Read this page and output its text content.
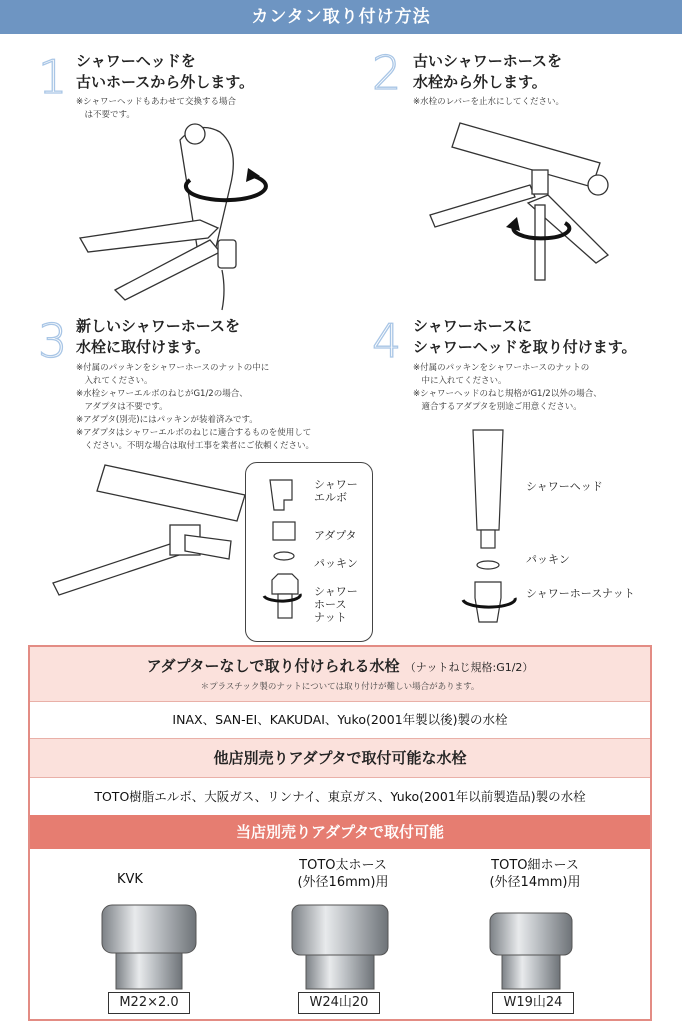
カンタン取り付け方法
1 シャワーヘッドを
古いホースから外します。
※シャワーヘッドもあわせて交換する場合
　は不要です。
2 古いシャワーホースを
水栓から外します。
※水栓のレバーを止水にしてください。
3 新しいシャワーホースを
水栓に取付けます。
※付属のパッキンをシャワーホースのナットの中に
　入れてください。
※水栓シャワーエルボのねじがG1/2の場合、
　アダプタは不要です。
※アダプタ(別売)にはパッキンが装着済みです。
※アダプタはシャワーエルボのねじに適合するものを使用して
　ください。不明な場合は取付工事を業者にご依頼ください。
シャワー
エルボ
アダプタ
パッキン
シャワー
ホース
ナット
4 シャワーホースに
シャワーヘッドを取り付けます。
※付属のパッキンをシャワーホースのナットの
　中に入れてください。
※シャワーヘッドのねじ規格がG1/2以外の場合、
　適合するアダプタを別途ご用意ください。
シャワーヘッド
パッキン
シャワーホースナット
アダプターなしで取り付けられる水栓 （ナットねじ規格:G1/2）
＊プラスチック製のナットについては取り付けが難しい場合があります。
INAX、SAN-EI、KAKUDAI、Yuko(2001年製以後)製の水栓
他店別売りアダプタで取付可能な水栓
TOTO樹脂エルボ、大阪ガス、リンナイ、東京ガス、Yuko(2001年以前製造品)製の水栓
当店別売りアダプタで取付可能
KVK
TOTO太ホース
(外径16mm)用
TOTO細ホース
(外径14mm)用
M22×2.0	W24山20	W19山24
